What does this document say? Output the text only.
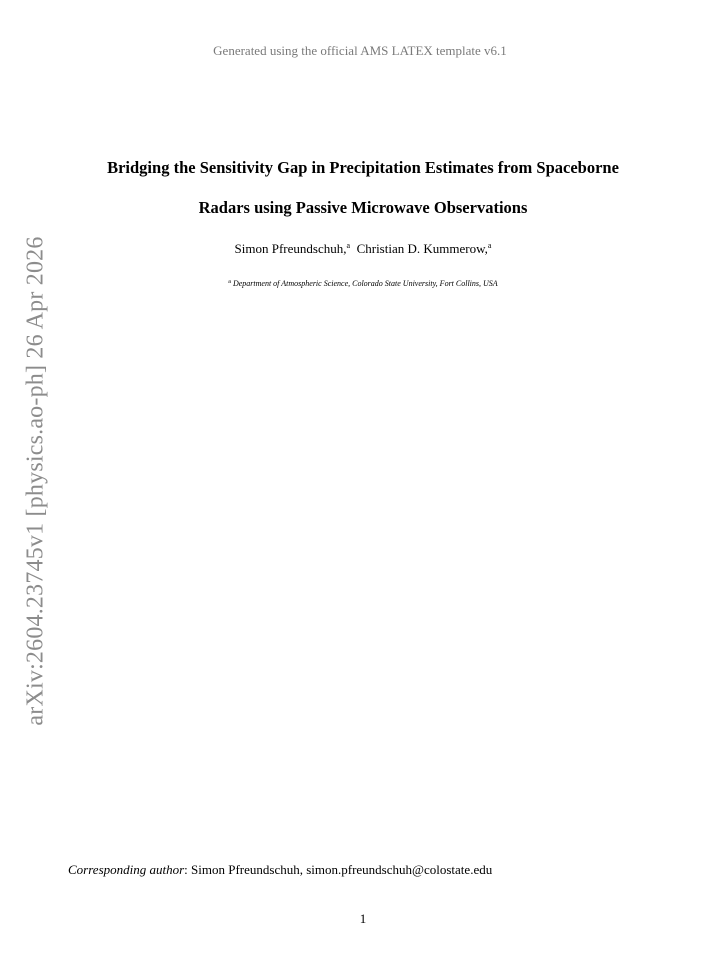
Generated using the official AMS LATEX template v6.1
Bridging the Sensitivity Gap in Precipitation Estimates from Spaceborne
Radars using Passive Microwave Observations
Simon Pfreundschuh,$^a$ Christian D. Kummerow,$^a$
$^a$ Department of Atmospheric Science, Colorado State University, Fort Collins, USA
arXiv:2604.23745v1 [physics.ao-ph] 26 Apr 2026
Corresponding author: Simon Pfreundschuh, simon.pfreundschuh@colostate.edu
1
